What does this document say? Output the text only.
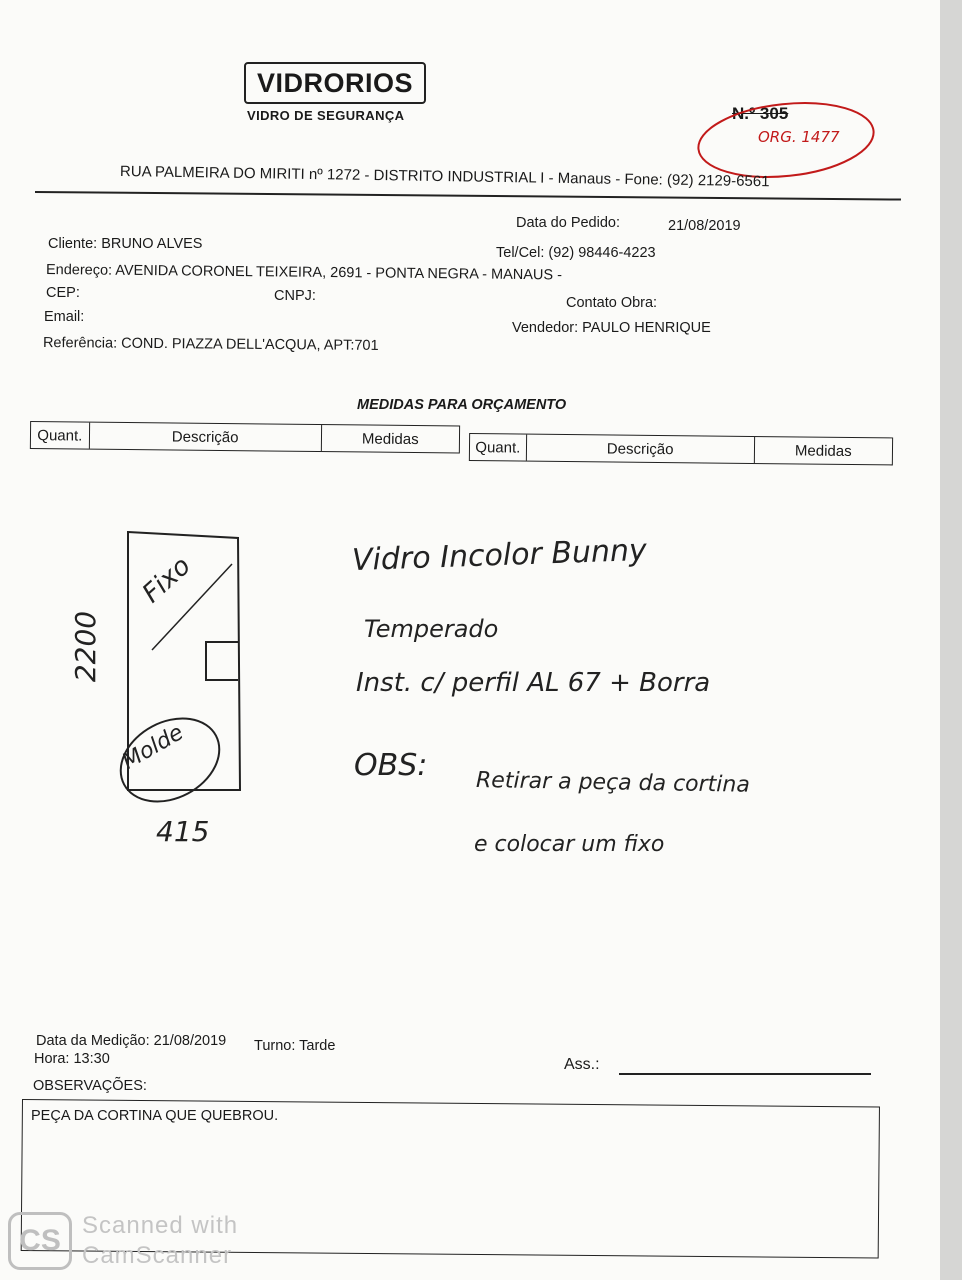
VIDRORIOS
VIDRO DE SEGURANÇA	N.º 305
ORG. 1477
RUA PALMEIRA DO MIRITI nº 1272 - DISTRITO INDUSTRIAL I - Manaus - Fone: (92) 2129-6561
Data do Pedido:	21/08/2019
Cliente: BRUNO ALVES
Tel/Cel: (92) 98446-4223
Endereço: AVENIDA CORONEL TEIXEIRA, 2691 - PONTA NEGRA - MANAUS -
CEP:	CNPJ:	Contato Obra:
Email:
Vendedor: PAULO HENRIQUE
Referência: COND. PIAZZA DELL'ACQUA, APT:701
MEDIDAS PARA ORÇAMENTO
Quant.	Descrição	Medidas	Quant.	Descrição	Medidas
Fixo
Molde
2200
415
Vidro Incolor Bunny
Temperado
Inst. c/ perfil AL 67 + Borra
OBS: Retirar a peça da cortina
e colocar um fixo
Data da Medição: 21/08/2019 Turno: Tarde
Hora: 13:30	Ass.:
OBSERVAÇÕES:
PEÇA DA CORTINA QUE QUEBROU.
CS Scanned with
CamScanner
